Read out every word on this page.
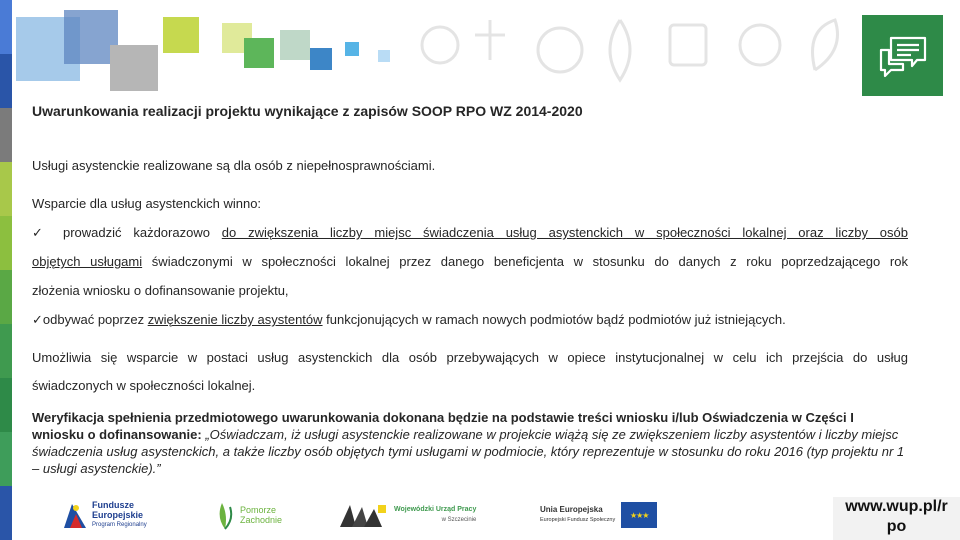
Uwarunkowania realizacji projektu wynikające z zapisów SOOP RPO WZ 2014-2020
Usługi asystenckie realizowane są dla osób z niepełnosprawnościami.
Wsparcie dla usług asystenckich winno:
✓ prowadzić każdorazowo do zwiększenia liczby miejsc świadczenia usług asystenckich w społeczności lokalnej oraz liczby osób
objętych usługami świadczonymi w społeczności lokalnej przez danego beneficjenta w stosunku do danych z roku poprzedzającego rok
złożenia wniosku o dofinansowanie projektu,
✓odbywać poprzez zwiększenie liczby asystentów funkcjonujących w ramach nowych podmiotów bądź podmiotów już istniejących.
Umożliwia się wsparcie w postaci usług asystenckich dla osób przebywających w opiece instytucjonalnej w celu ich przejścia do usług
świadczonych w społeczności lokalnej.
Weryfikacja spełnienia przedmiotowego uwarunkowania dokonana będzie na podstawie treści wniosku i/lub Oświadczenia w Części I wniosku o dofinansowanie: „Oświadczam, iż usługi asystenckie realizowane w projekcie wiążą się ze zwiększeniem liczby asystentów i liczby miejsc świadczenia usług asystenckich, a także liczby osób objętych tymi usługami w podmiocie, który reprezentuje w stosunku do roku 2016 (typ projektu nr 1 – usługi asystenckie).”
Fundusze
Europejskie
Program Regionalny
Pomorze
Zachodnie
Wojewódzki Urząd Pracy
w Szczecinie
Unia Europejska
Europejski Fundusz Społeczny
★★★	www.wup.pl/r
po
